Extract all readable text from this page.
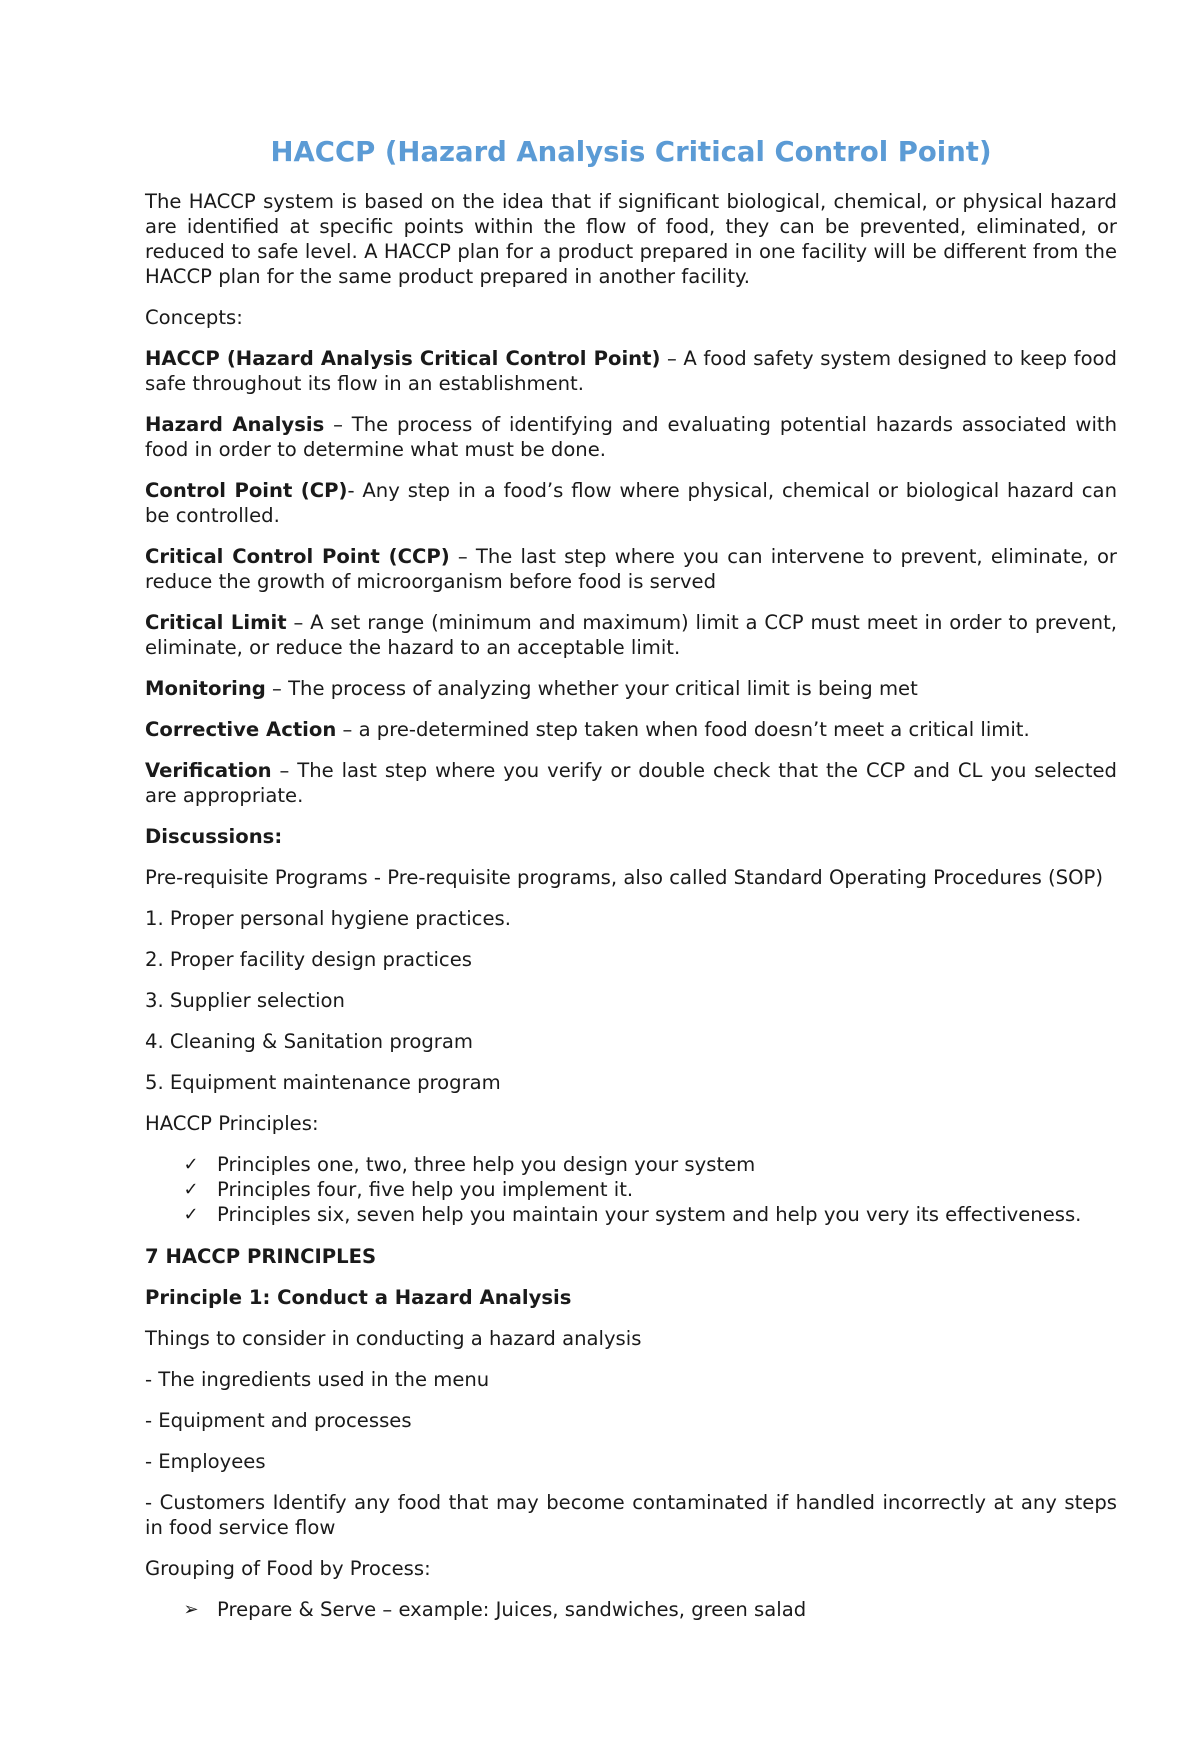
HACCP (Hazard Analysis Critical Control Point)

The HACCP system is based on the idea that if significant biological, chemical, or physical hazard are identified at specific points within the flow of food, they can be prevented, eliminated, or reduced to safe level. A HACCP plan for a product prepared in one facility will be different from the HACCP plan for the same product prepared in another facility.

Concepts:

HACCP (Hazard Analysis Critical Control Point) – A food safety system designed to keep food safe throughout its flow in an establishment.

Hazard Analysis – The process of identifying and evaluating potential hazards associated with food in order to determine what must be done.

Control Point (CP)- Any step in a food’s flow where physical, chemical or biological hazard can be controlled.

Critical Control Point (CCP) – The last step where you can intervene to prevent, eliminate, or reduce the growth of microorganism before food is served

Critical Limit – A set range (minimum and maximum) limit a CCP must meet in order to prevent, eliminate, or reduce the hazard to an acceptable limit.

Monitoring – The process of analyzing whether your critical limit is being met

Corrective Action – a pre-determined step taken when food doesn’t meet a critical limit.

Verification – The last step where you verify or double check that the CCP and CL you selected are appropriate.

Discussions:

Pre-requisite Programs - Pre-requisite programs, also called Standard Operating Procedures (SOP)

1. Proper personal hygiene practices.

2. Proper facility design practices

3. Supplier selection

4. Cleaning & Sanitation program

5. Equipment maintenance program

HACCP Principles:

✓ Principles one, two, three help you design your system
✓ Principles four, five help you implement it.
✓ Principles six, seven help you maintain your system and help you very its effectiveness.

7 HACCP PRINCIPLES

Principle 1: Conduct a Hazard Analysis

Things to consider in conducting a hazard analysis

- The ingredients used in the menu

- Equipment and processes

- Employees

- Customers Identify any food that may become contaminated if handled incorrectly at any steps in food service flow

Grouping of Food by Process:

➢ Prepare & Serve – example: Juices, sandwiches, green salad
